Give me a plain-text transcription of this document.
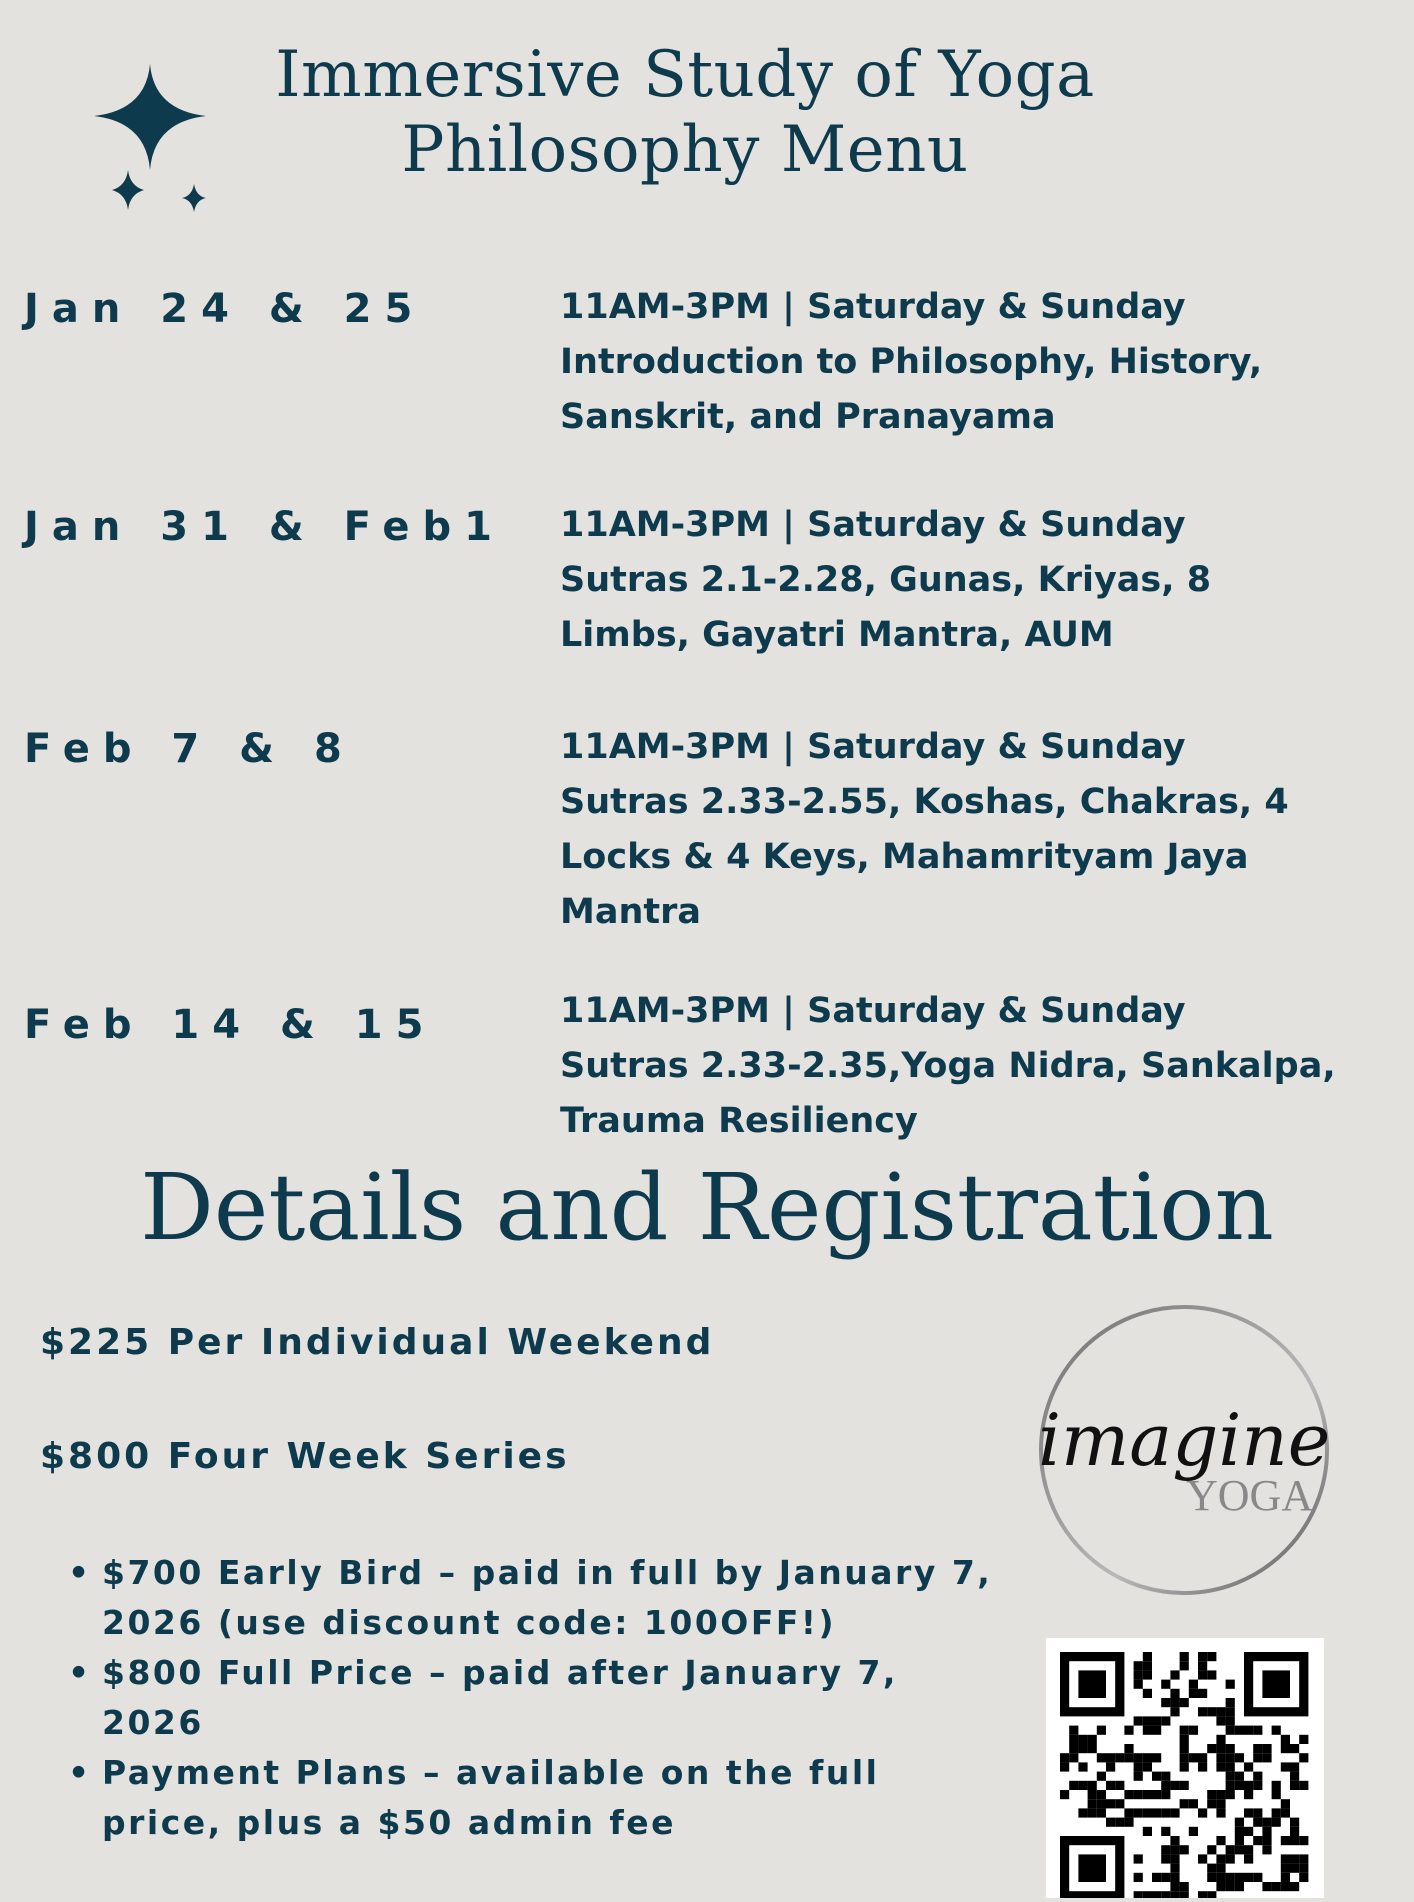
Immersive Study of Yoga
Philosophy Menu
Jan 24 & 25	11AM-3PM | Saturday & Sunday
Introduction to Philosophy, History,
Sanskrit, and Pranayama
Jan 31 & Feb1 11AM-3PM | Saturday & Sunday
Sutras 2.1-2.28, Gunas, Kriyas, 8
Limbs, Gayatri Mantra, AUM
Feb 7 & 8	11AM-3PM | Saturday & Sunday
Sutras 2.33-2.55, Koshas, Chakras, 4
Locks & 4 Keys, Mahamrityam Jaya
Mantra
Feb 14 & 15	11AM-3PM | Saturday & Sunday
Sutras 2.33-2.35,Yoga Nidra, Sankalpa,
Trauma Resiliency
Details and Registration
$225 Per Individual Weekend
$800 Four Week Series
• $700 Early Bird – paid in full by January 7,
2026 (use discount code: 100OFF!)
• $800 Full Price – paid after January 7,
2026
• Payment Plans – available on the full
price, plus a $50 admin fee
imagine
YOGA
